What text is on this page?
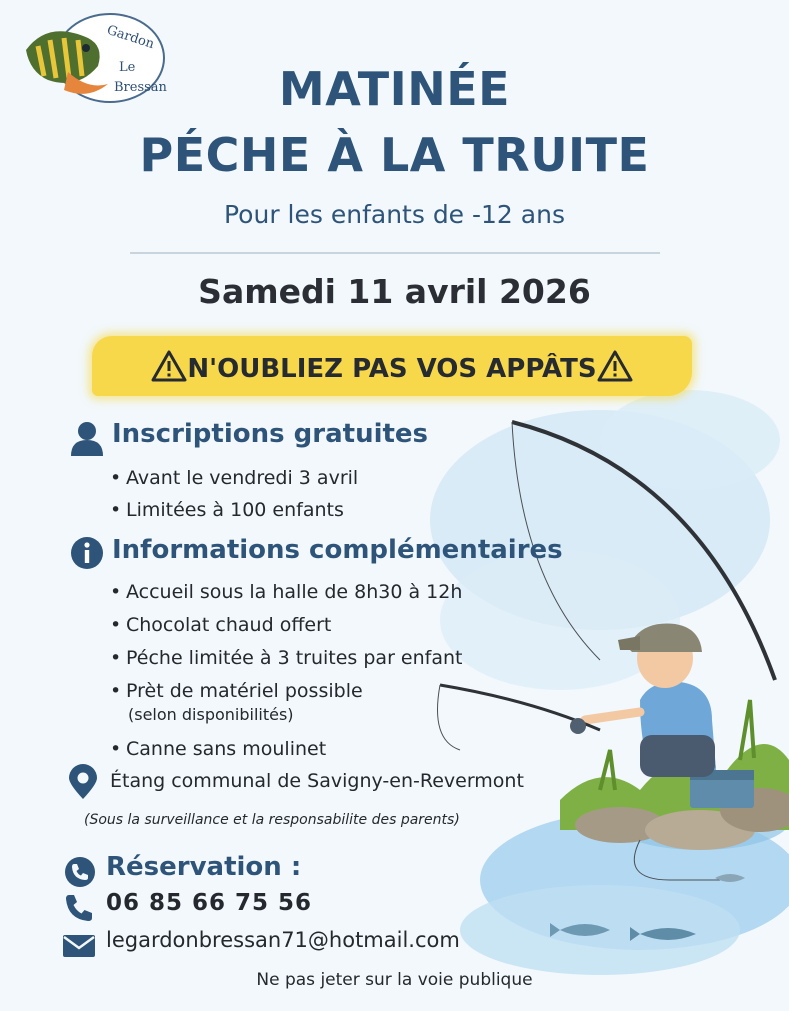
Gardon
Le
Bressan	MATINÉE
PÉCHE À LA TRUITE
Pour les enfants de -12 ans
Samedi 11 avril 2026
N'OUBLIEZ PAS VOS APPÂTS
Inscriptions gratuites
• Avant le vendredi 3 avril
• Limitées à 100 enfants
Informations complémentaires
• Accueil sous la halle de 8h30 à 12h
• Chocolat chaud offert
• Péche limitée à 3 truites par enfant
• Prèt de matériel possible
(selon disponibilités)
• Canne sans moulinet
Étang communal de Savigny-en-Revermont
(Sous la surveillance et la responsabilite des parents)
Réservation :
06 85 66 75 56
legardonbressan71@hotmail.com
Ne pas jeter sur la voie publique
